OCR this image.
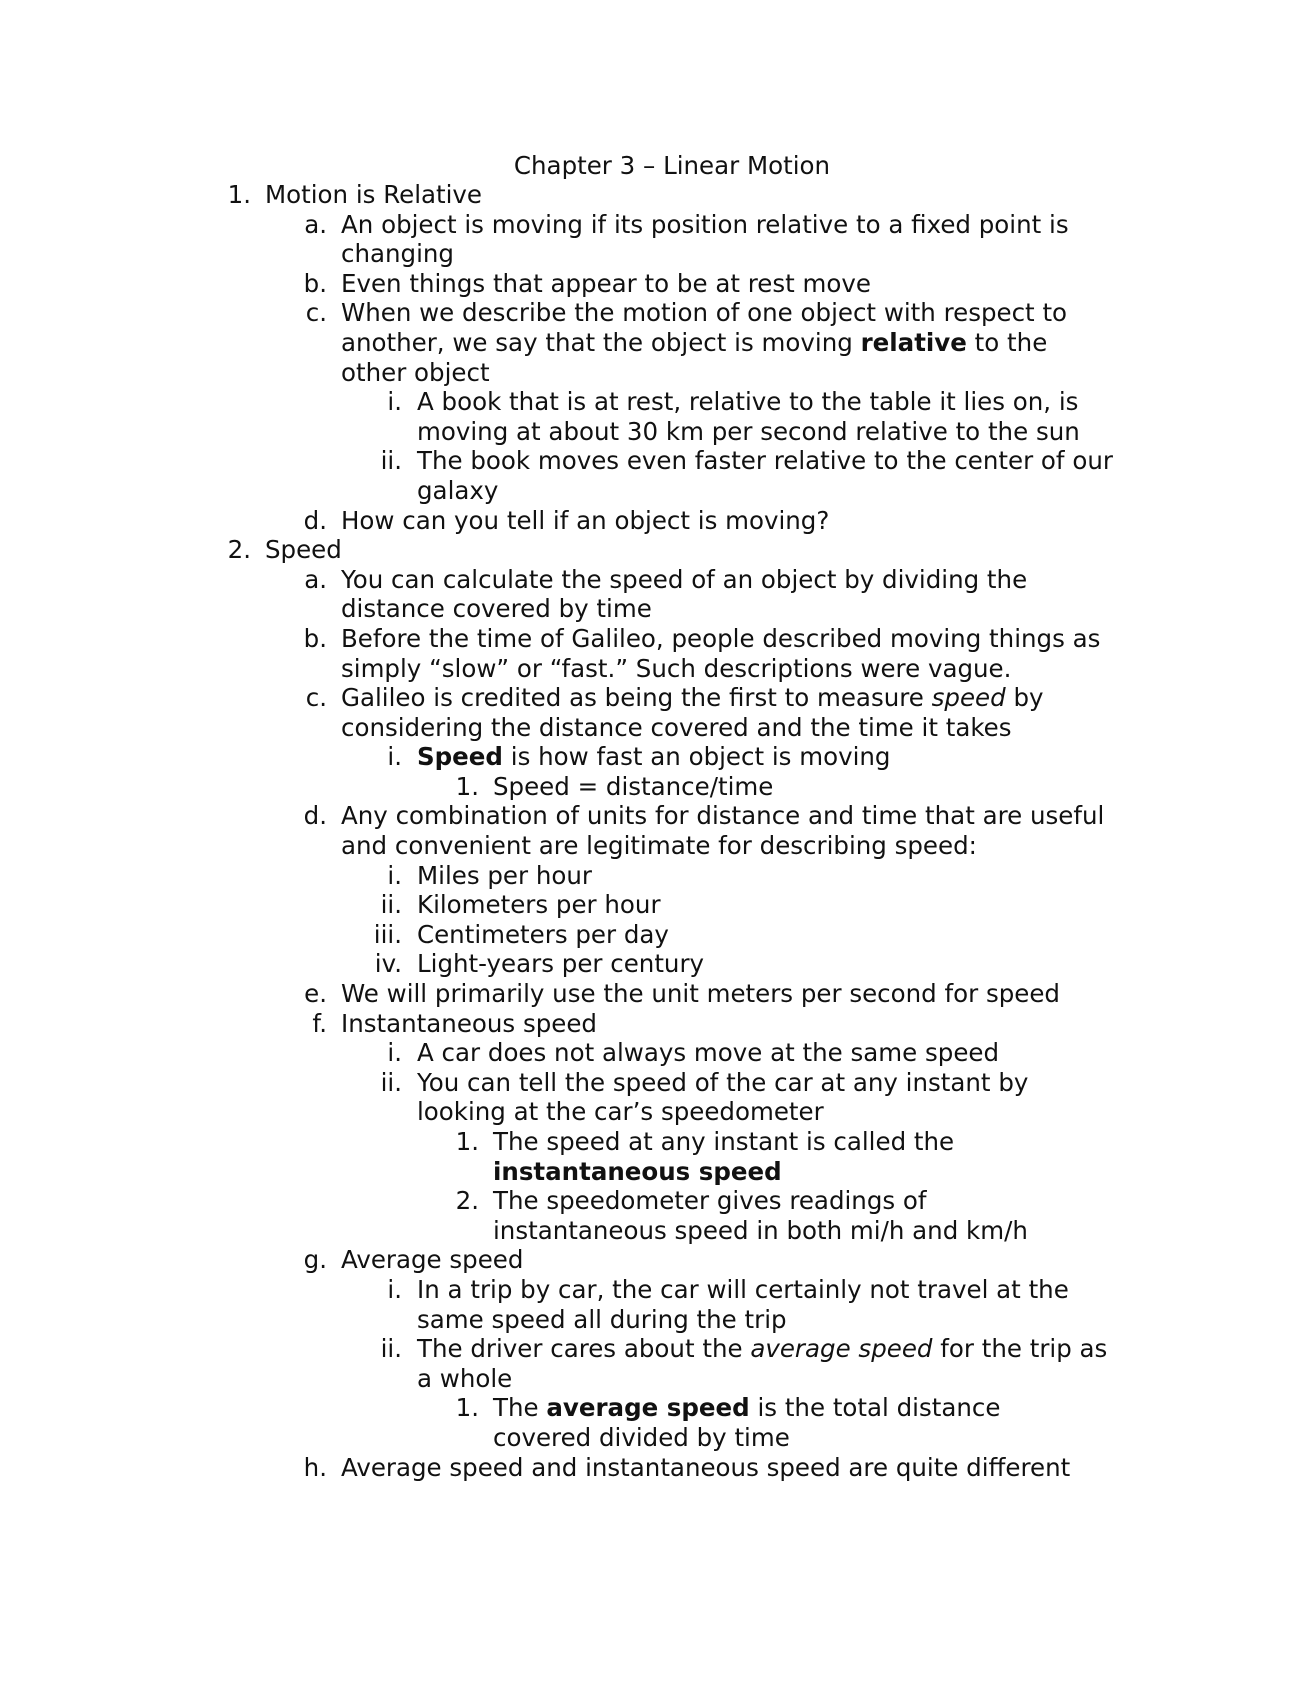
Chapter 3 – Linear Motion
1. Motion is Relative
a. An object is moving if its position relative to a fixed point is changing
b. Even things that appear to be at rest move
c. When we describe the motion of one object with respect to another, we say that the object is moving relative to the other object
i. A book that is at rest, relative to the table it lies on, is moving at about 30 km per second relative to the sun
ii. The book moves even faster relative to the center of our galaxy
d. How can you tell if an object is moving?
2. Speed
a. You can calculate the speed of an object by dividing the distance covered by time
b. Before the time of Galileo, people described moving things as simply “slow” or “fast.” Such descriptions were vague.
c. Galileo is credited as being the first to measure speed by considering the distance covered and the time it takes
i. Speed is how fast an object is moving
1. Speed = distance/time
d. Any combination of units for distance and time that are useful and convenient are legitimate for describing speed:
i. Miles per hour
ii. Kilometers per hour
iii. Centimeters per day
iv. Light-years per century
e. We will primarily use the unit meters per second for speed
f. Instantaneous speed
i. A car does not always move at the same speed
ii. You can tell the speed of the car at any instant by looking at the car’s speedometer
1. The speed at any instant is called the instantaneous speed
2. The speedometer gives readings of instantaneous speed in both mi/h and km/h
g. Average speed
i. In a trip by car, the car will certainly not travel at the same speed all during the trip
ii. The driver cares about the average speed for the trip as a whole
1. The average speed is the total distance covered divided by time
h. Average speed and instantaneous speed are quite different
